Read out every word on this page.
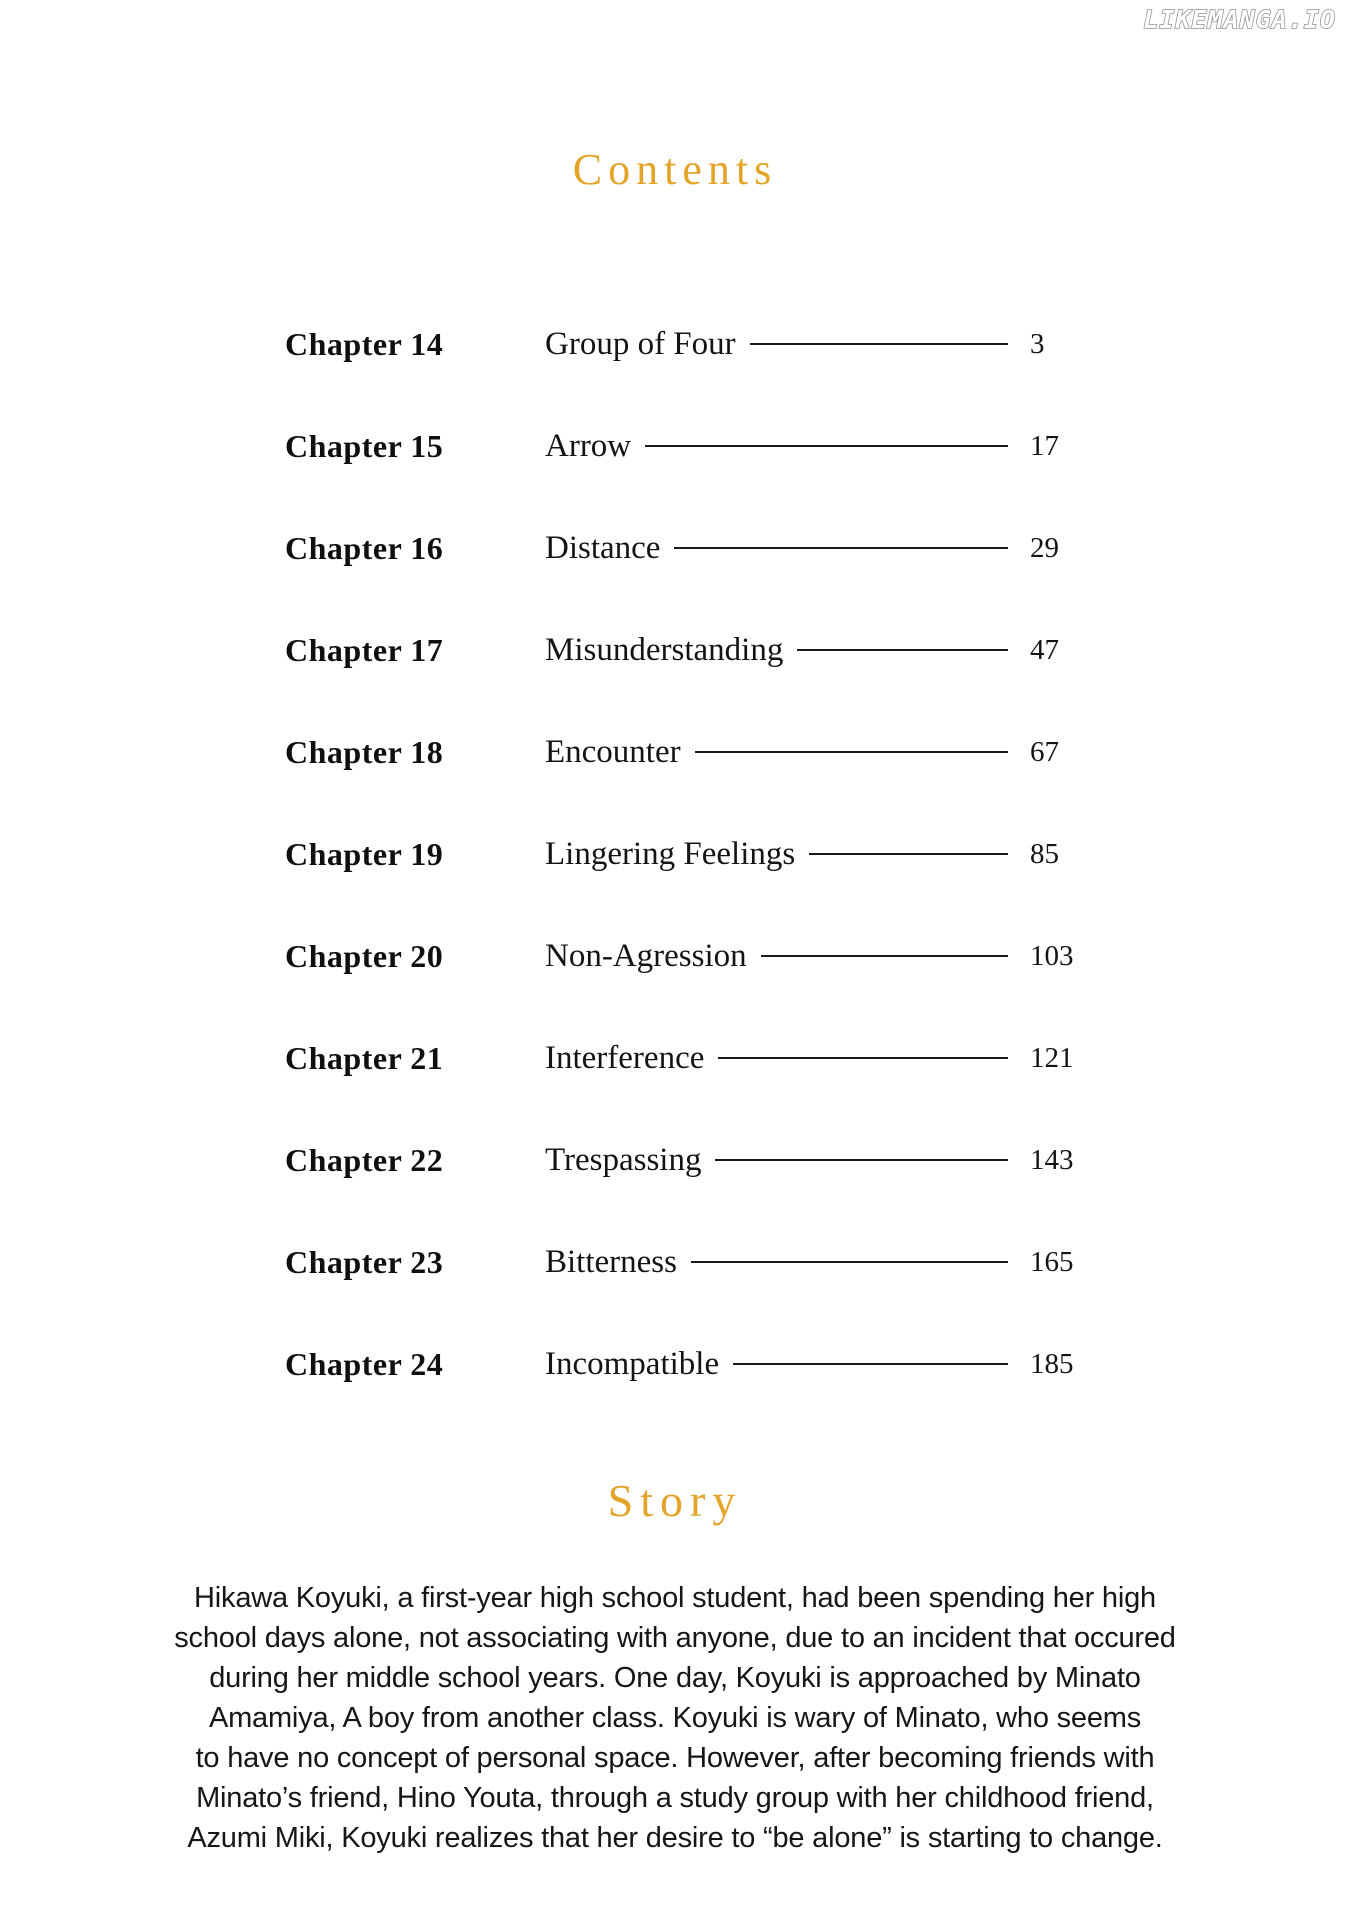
LIKEMANGA.IO
Contents
Chapter 14	Group of Four	3
Chapter 15	Arrow	17
Chapter 16	Distance	29
Chapter 17	Misunderstanding	47
Chapter 18	Encounter	67
Chapter 19	Lingering Feelings	85
Chapter 20	Non-Agression	103
Chapter 21	Interference	121
Chapter 22	Trespassing	143
Chapter 23	Bitterness	165
Chapter 24	Incompatible	185
Story
Hikawa Koyuki, a first-year high school student, had been spending her high
school days alone, not associating with anyone, due to an incident that occured
during her middle school years. One day, Koyuki is approached by Minato
Amamiya, A boy from another class. Koyuki is wary of Minato, who seems
to have no concept of personal space. However, after becoming friends with
Minato’s friend, Hino Youta, through a study group with her childhood friend,
Azumi Miki, Koyuki realizes that her desire to “be alone” is starting to change.
